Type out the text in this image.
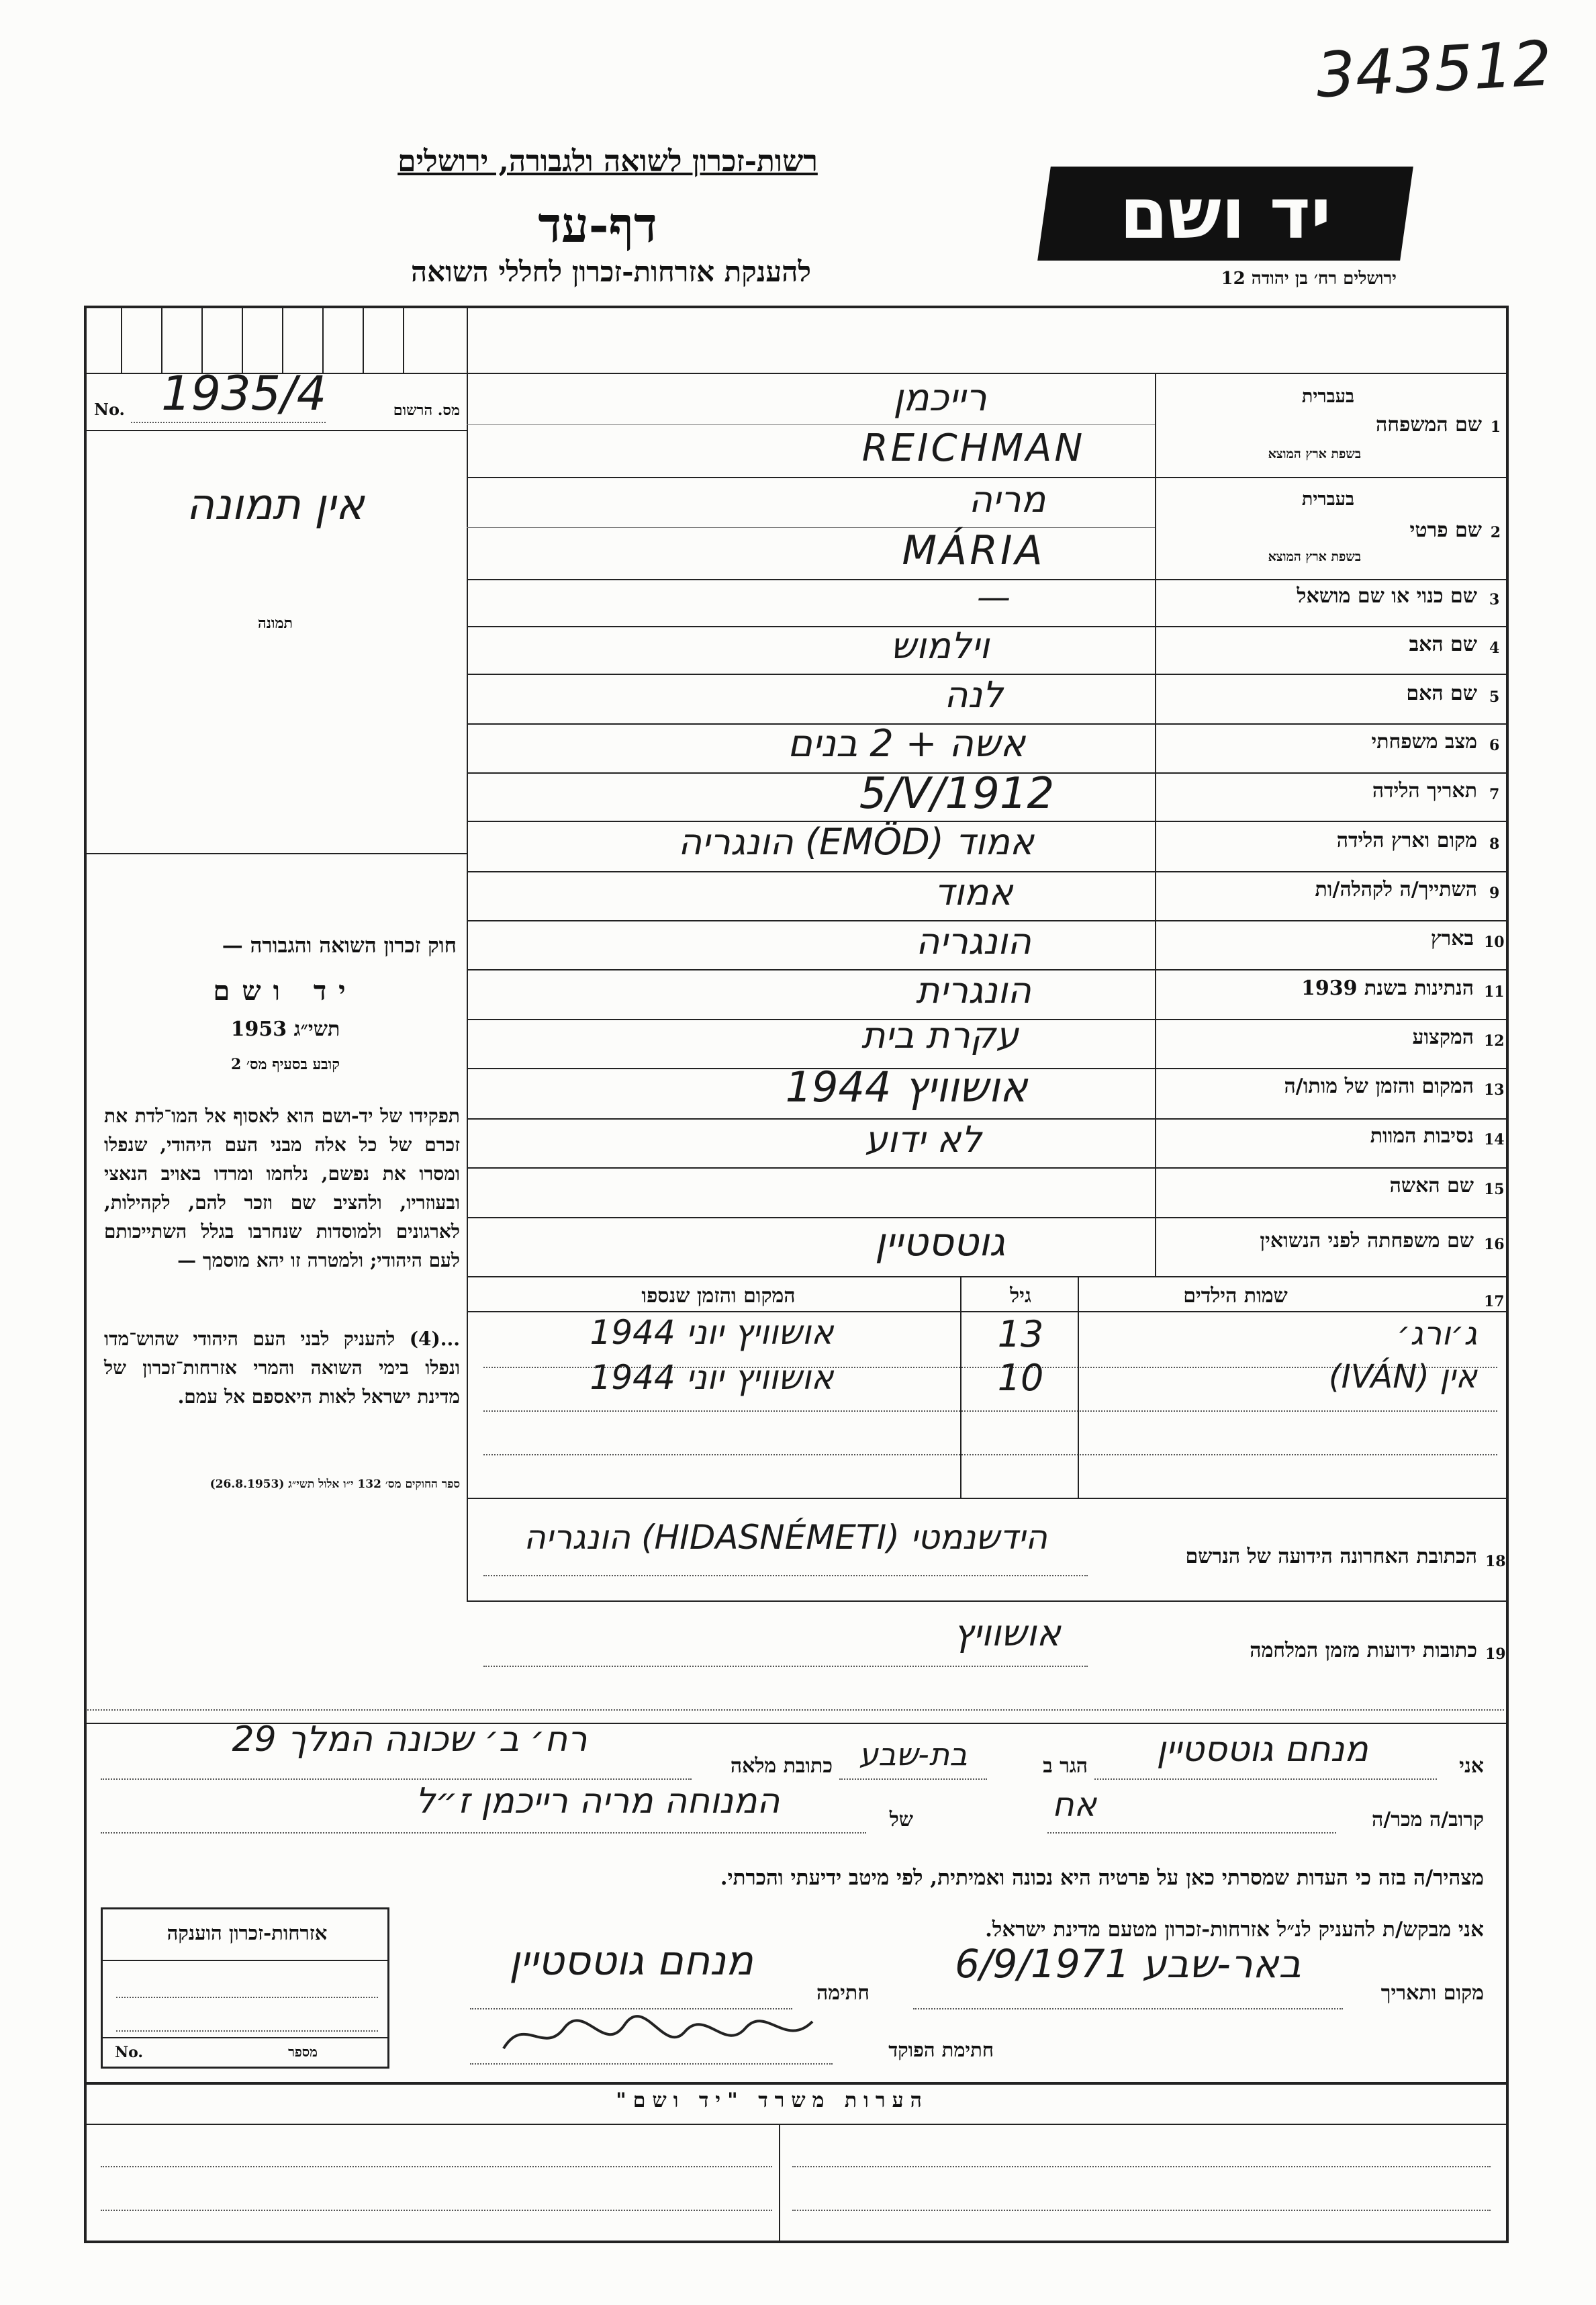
343512
רשות-זכרון לשואה ולגבורה, ירושלים
דף-עד
להענקת אזרחות-זכרון לחללי השואה
יד ושם
ירושלים רח׳ בן יהודה 12
No. 1935/4	מס. הרשום
אין תמונה
תמונה
חוק זכרון השואה והגבורה —
יד ושם
תשי״ג 1953
קובע בסעיף מס׳ 2
תפקידו של יד-ושם הוא לאסוף אל המו־לדת את זכרם של כל אלה מבני העם היהודי, שנפלו ומסרו את נפשם, נלחמו ומרדו באויב הנאצי ובעוזריו, ולהציב שם וזכר להם, לקהילות, לארגונים ולמוסדות שנחרבו בגלל השתייכותם לעם היהודי; ולמטרה זו יהא מוסמך —
...(4) להעניק לבני העם היהודי שהוש־מדו ונפלו בימי השואה והמרי אזרחות־זכרון של מדינת ישראל לאות היאספם אל עמם.
ספר החוקים מס׳ 132 י״ו אלול תשי״ג (26.8.1953)
1
שם המשפחה
בעברית
בשפת ארץ המוצא
רייכמן
REICHMAN
2
שם פרטי
בעברית
בשפת ארץ המוצא
מריה
MÁRIA
3
שם כנוי או שם מושאל
—
4
שם האב
וילמוש
5
שם האם
לנה
6
מצב משפחתי
אשה + 2 בנים
7
תאריך הלידה
5/V/1912
8
מקום וארץ הלידה
אמוד (EMÖD) הונגריה
9
השתייך/ה לקהלה/ות
אמוד
10
בארץ
הונגריה
11
הנתינות בשנת 1939
הונגרית
12
המקצוע
עקרת בית
13
המקום והזמן של מותו/ה
אושוויץ 1944
14
נסיבות המוות
לא ידוע
15
שם האשה
16
שם משפחתה לפני הנשואין
גוטסטיין
17
שמות הילדים
גיל
המקום והזמן שנספו
ג׳ורג׳
13
אושוויץ יוני 1944
אין (IVÁN)
10
אושוויץ יוני 1944
18
הכתובת האחרונה הידועה של הנרשם
הידשנמטי (HIDASNÉMETI) הונגריה
19
כתובות ידועות מזמן המלחמה
אושוויץ
אני
מנחם גוטסטיין
הגר ב
בת-שבע
כתובת מלאה
רח׳ ב׳ שכונה המלך 29
קרוב/ה מכר/ה
אח
של
המנוחה מריה רייכמן ז״ל
מצהיר/ה בזה כי העדות שמסרתי כאן על פרטיה היא נכונה ואמיתית, לפי מיטב ידיעתי והכרתי.
אני מבקש/ת להעניק לנ״ל אזרחות-זכרון מטעם מדינת ישראל.
מקום ותאריך
באר-שבע 6/9/1971
חתימה
מנחם גוטסטיין
חתימת הפוקד
אזרחות-זכרון הוענקה
No.	מספר
הערות משרד "יד ושם"
